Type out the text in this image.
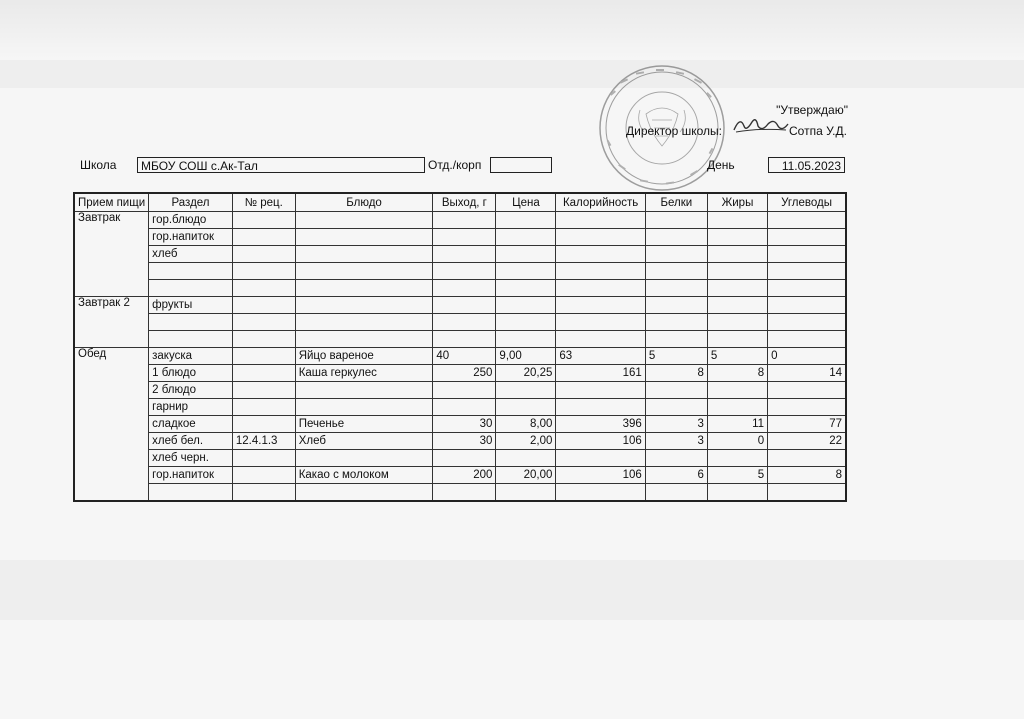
"Утверждаю"
Директор школы:	Сотпа У.Д.
Школа	МБОУ СОШ с.Ак-Тал	Отд./корп	День	11.05.2023
Прием пищи	Раздел	№ рец.	Блюдо	Выход, г	Цена	Калорийность	Белки	Жиры	Углеводы
Завтрак	гор.блюдо								
	гор.напиток								
	хлеб								

Завтрак 2	фрукты								

Обед	закуска		Яйцо вареное	40	9,00	63	5	5	0
	1 блюдо		Каша геркулес	250	20,25	161	8	8	14
	2 блюдо								
	гарнир								
	сладкое		Печенье	30	8,00	396	3	11	77
	хлеб бел.	12.4.1.3	Хлеб	30	2,00	106	3	0	22
	хлеб черн.								
	гор.напиток		Какао с молоком	200	20,00	106	6	5	8
